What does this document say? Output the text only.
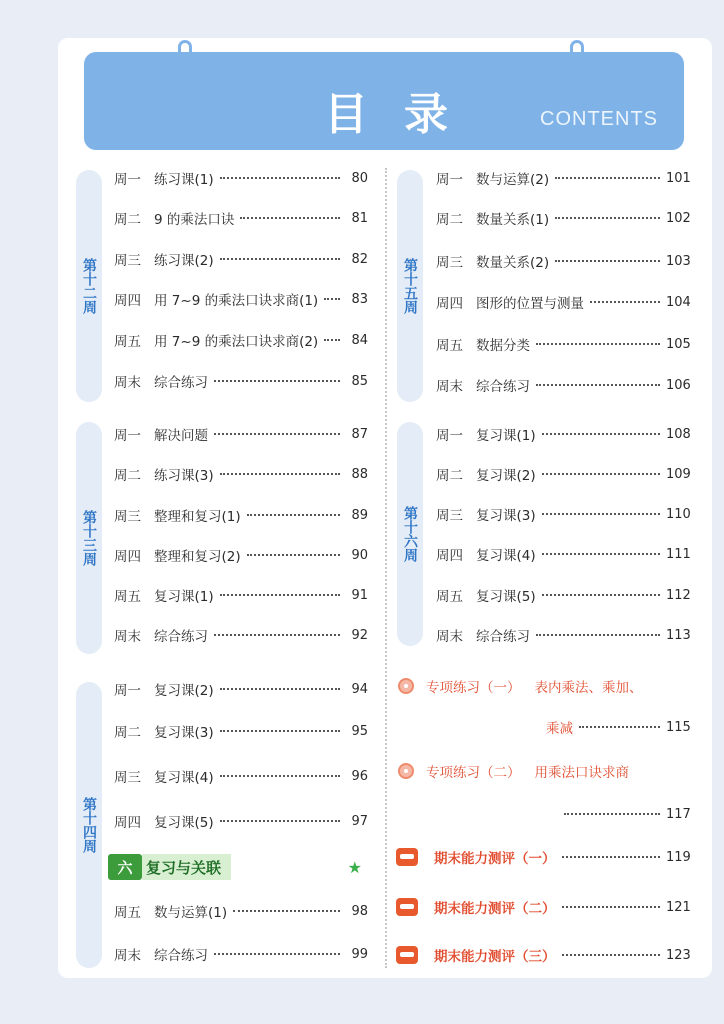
目录	CONTENTS
第十二周
第十三周
第十四周
第十五周
第十六周
周一 练习课(1)	80
周二 9 的乘法口诀	81
周三 练习课(2)	82
周四 用 7~9 的乘法口诀求商(1)	83
周五 用 7~9 的乘法口诀求商(2)	84
周末 综合练习	85
周一 解决问题	87
周二 练习课(3)	88
周三 整理和复习(1)	89
周四 整理和复习(2)	90
周五 复习课(1)	91
周末 综合练习	92
周一 复习课(2)	94
周二 复习课(3)	95
周三 复习课(4)	96
周四 复习课(5)	97
周五 数与运算(1)	98
周末 综合练习	99
周一 数与运算(2)	101
周二 数量关系(1)	102
周三 数量关系(2)	103
周四 图形的位置与测量	104
周五 数据分类	105
周末 综合练习	106
周一 复习课(1)	108
周二 复习课(2)	109
周三 复习课(3)	110
周四 复习课(4)	111
周五 复习课(5)	112
周末 综合练习	113
专项练习（一） 表内乘法、乘加、
乘减	115
专项练习（二） 用乘法口诀求商
117
期末能力测评（一）	119
期末能力测评（二）	121
期末能力测评（三）	123
六 复习与关联	★
